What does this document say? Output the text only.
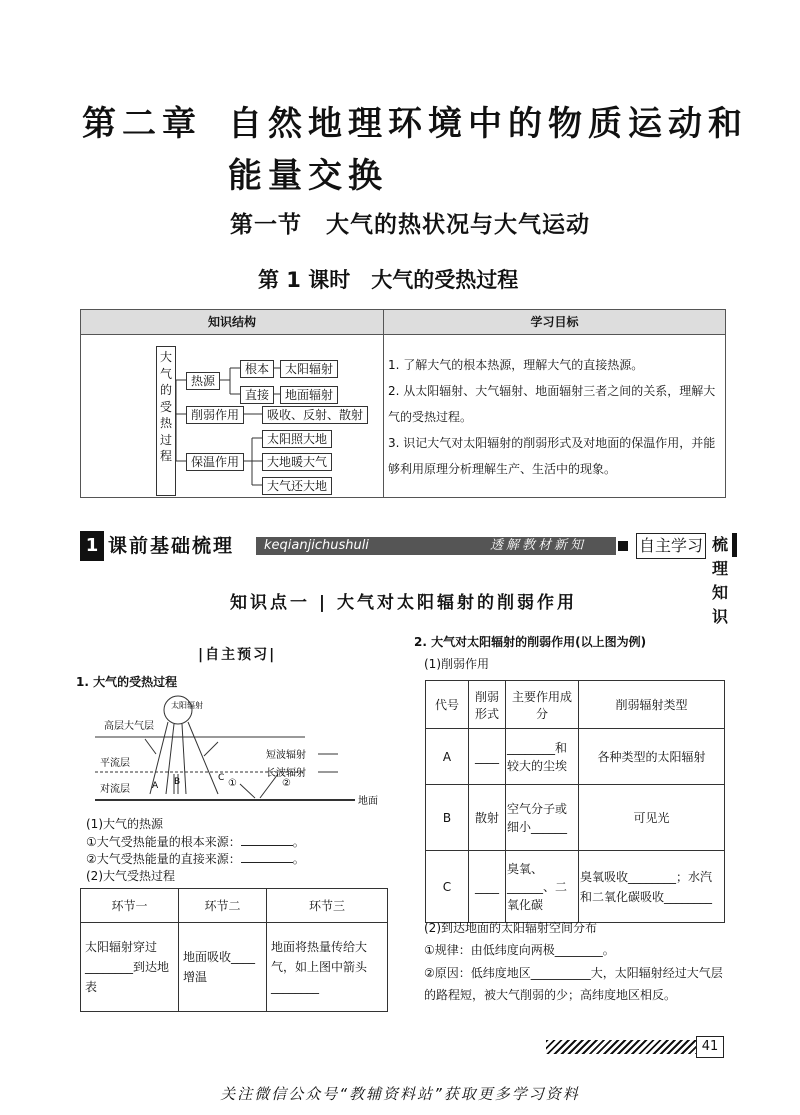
第二章 自然地理环境中的物质运动和
能量交换
第一节　大气的热状况与大气运动
第 1 课时　大气的受热过程
知识结构	学习目标
大气的受热过程
热源
削弱作用
保温作用
根本
直接
太阳辐射
地面辐射
吸收、反射、散射
太阳照大地
大地暖大气
大气还大地
1. 了解大气的根本热源，理解大气的直接热源。
2. 从太阳辐射、大气辐射、地面辐射三者之间的关系，理解大气的受热过程。
3. 识记大气对太阳辐射的削弱形式及对地面的保温作用，并能够利用原理分析理解生产、生活中的现象。
1 课前基础梳理	keqianjichushuli	透解教材新知	自主学习 梳理知识
知识点一 | 大气对太阳辐射的削弱作用
|自主预习|
1. 大气的受热过程
太阳辐射
高层大气层
平流层
对流层
地面
短波辐射
长波辐射
A B	C ①	②
(1)大气的热源
①大气受热能量的根本来源：	。
②大气受热能量的直接来源：	。
(2)大气受热过程
环节一	环节二	环节三
太阳辐射穿过________到达地表	地面吸收____增温	地面将热量传给大气，如上图中箭头________
2. 大气对太阳辐射的削弱作用(以上图为例)
(1)削弱作用
代号	削弱形式	主要作用成分	削弱辐射类型
A	____	________和较大的尘埃	各种类型的太阳辐射
B	散射	空气分子或细小______	可见光
C	____	臭氧、______、二氧化碳	臭氧吸收________；水汽和二氧化碳吸收________
(2)到达地面的太阳辐射空间分布
①规律：由低纬度向两极________。
②原因：低纬度地区__________大，太阳辐射经过大气层的路程短，被大气削弱的少；高纬度地区相反。
41
关注微信公众号“教辅资料站”获取更多学习资料
